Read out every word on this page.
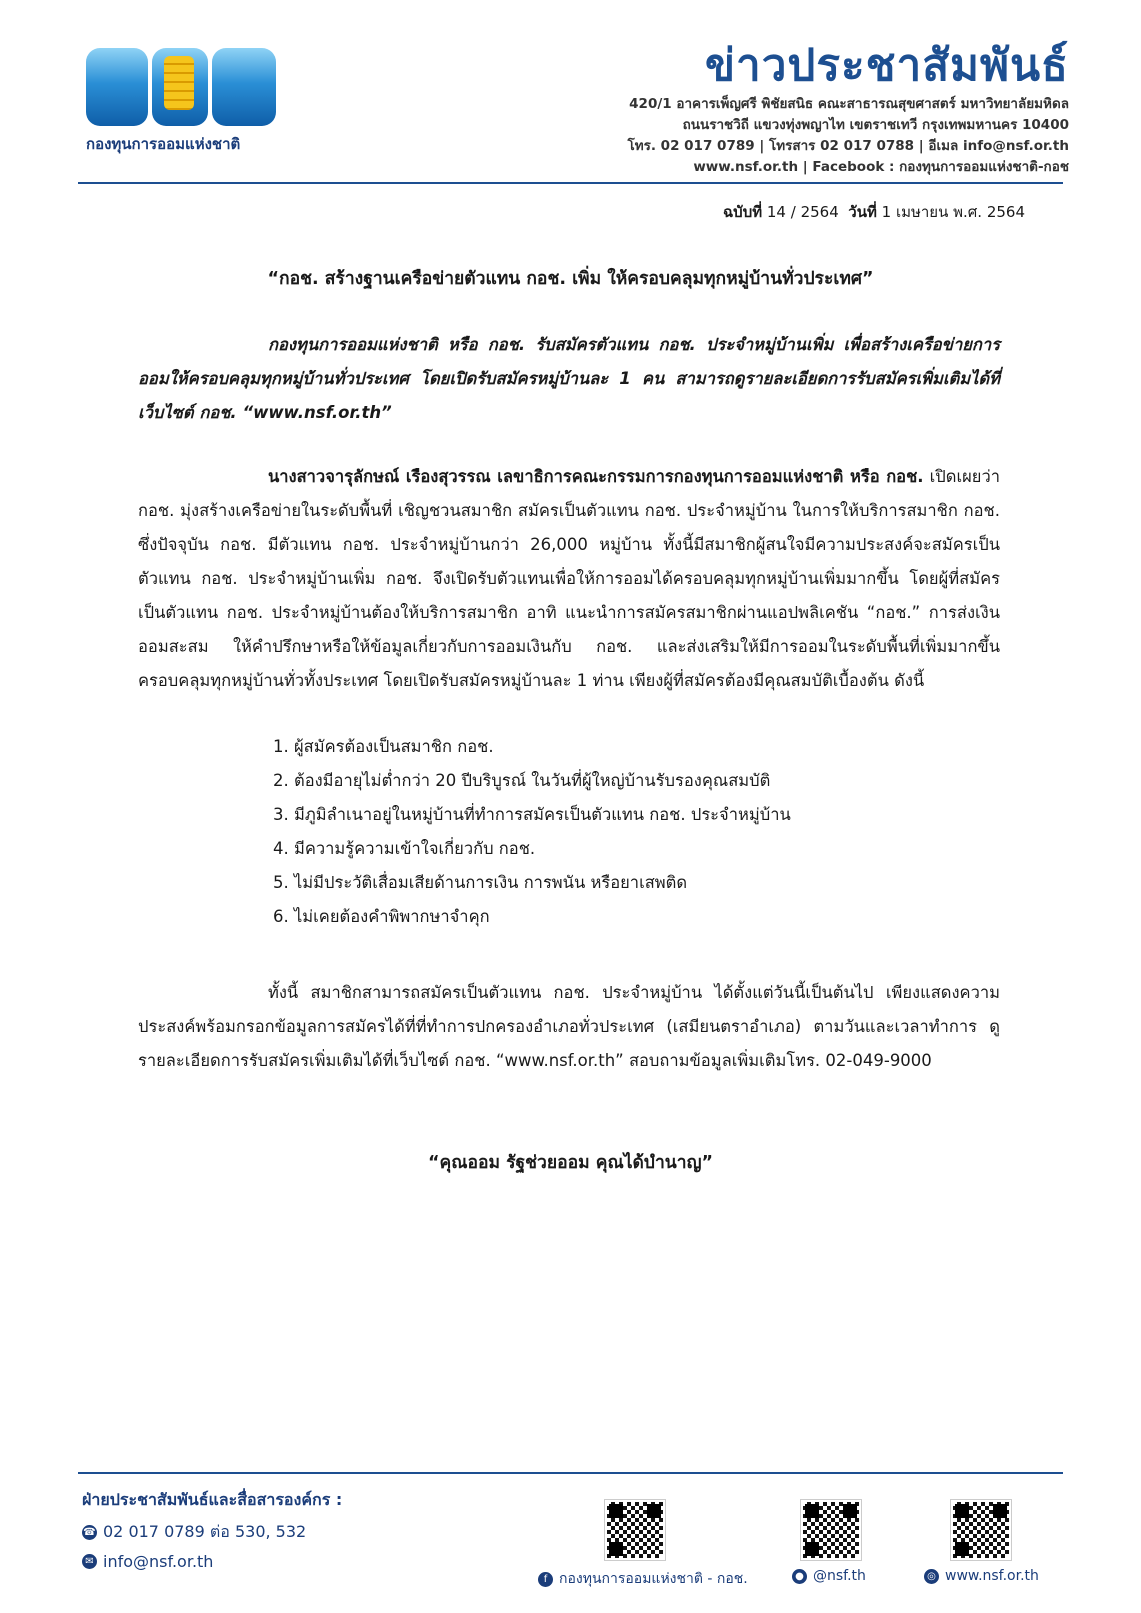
กองทุนการออมแห่งชาติ
ข่าวประชาสัมพันธ์
420/1 อาคารเพ็ญศรี พิชัยสนิธ คณะสาธารณสุขศาสตร์ มหาวิทยาลัยมหิดล
ถนนราชวิถี แขวงทุ่งพญาไท เขตราชเทวี กรุงเทพมหานคร 10400
โทร. 02 017 0789 | โทรสาร 02 017 0788 | อีเมล info@nsf.or.th
www.nsf.or.th | Facebook : กองทุนการออมแห่งชาติ-กอช
ฉบับที่ 14 / 2564 วันที่ 1 เมษายน พ.ศ. 2564
“กอช. สร้างฐานเครือข่ายตัวแทน กอช. เพิ่ม ให้ครอบคลุมทุกหมู่บ้านทั่วประเทศ”
กองทุนการออมแห่งชาติ หรือ กอช. รับสมัครตัวแทน กอช. ประจำหมู่บ้านเพิ่ม เพื่อสร้างเครือข่ายการออมให้ครอบคลุมทุกหมู่บ้านทั่วประเทศ โดยเปิดรับสมัครหมู่บ้านละ 1 คน สามารถดูรายละเอียดการรับสมัครเพิ่มเติมได้ที่เว็บไซต์ กอช. “www.nsf.or.th”
นางสาวจารุลักษณ์ เรืองสุวรรณ เลขาธิการคณะกรรมการกองทุนการออมแห่งชาติ หรือ กอช. เปิดเผยว่า กอช. มุ่งสร้างเครือข่ายในระดับพื้นที่ เชิญชวนสมาชิก สมัครเป็นตัวแทน กอช. ประจำหมู่บ้าน ในการให้บริการสมาชิก กอช. ซึ่งปัจจุบัน กอช. มีตัวแทน กอช. ประจำหมู่บ้านกว่า 26,000 หมู่บ้าน ทั้งนี้มีสมาชิกผู้สนใจมีความประสงค์จะสมัครเป็นตัวแทน กอช. ประจำหมู่บ้านเพิ่ม กอช. จึงเปิดรับตัวแทนเพื่อให้การออมได้ครอบคลุมทุกหมู่บ้านเพิ่มมากขึ้น โดยผู้ที่สมัครเป็นตัวแทน กอช. ประจำหมู่บ้านต้องให้บริการสมาชิก อาทิ แนะนำการสมัครสมาชิกผ่านแอปพลิเคชัน “กอช.” การส่งเงินออมสะสม ให้คำปรึกษาหรือให้ข้อมูลเกี่ยวกับการออมเงินกับ กอช. และส่งเสริมให้มีการออมในระดับพื้นที่เพิ่มมากขึ้นครอบคลุมทุกหมู่บ้านทั่วทั้งประเทศ โดยเปิดรับสมัครหมู่บ้านละ 1 ท่าน เพียงผู้ที่สมัครต้องมีคุณสมบัติเบื้องต้น ดังนี้
1. ผู้สมัครต้องเป็นสมาชิก กอช.
2. ต้องมีอายุไม่ต่ำกว่า 20 ปีบริบูรณ์ ในวันที่ผู้ใหญ่บ้านรับรองคุณสมบัติ
3. มีภูมิลำเนาอยู่ในหมู่บ้านที่ทำการสมัครเป็นตัวแทน กอช. ประจำหมู่บ้าน
4. มีความรู้ความเข้าใจเกี่ยวกับ กอช.
5. ไม่มีประวัติเสื่อมเสียด้านการเงิน การพนัน หรือยาเสพติด
6. ไม่เคยต้องคำพิพากษาจำคุก
ทั้งนี้ สมาชิกสามารถสมัครเป็นตัวแทน กอช. ประจำหมู่บ้าน ได้ตั้งแต่วันนี้เป็นต้นไป เพียงแสดงความประสงค์พร้อมกรอกข้อมูลการสมัครได้ที่ที่ทำการปกครองอำเภอทั่วประเทศ (เสมียนตราอำเภอ) ตามวันและเวลาทำการ ดูรายละเอียดการรับสมัครเพิ่มเติมได้ที่เว็บไซต์ กอช. “www.nsf.or.th” สอบถามข้อมูลเพิ่มเติมโทร. 02-049-9000
“คุณออม รัฐช่วยออม คุณได้บำนาญ”
ฝ่ายประชาสัมพันธ์และสื่อสารองค์กร :
☎ 02 017 0789 ต่อ 530, 532
✉ info@nsf.or.th
f กองทุนการออมแห่งชาติ - กอช.	● @nsf.th	◎ www.nsf.or.th
